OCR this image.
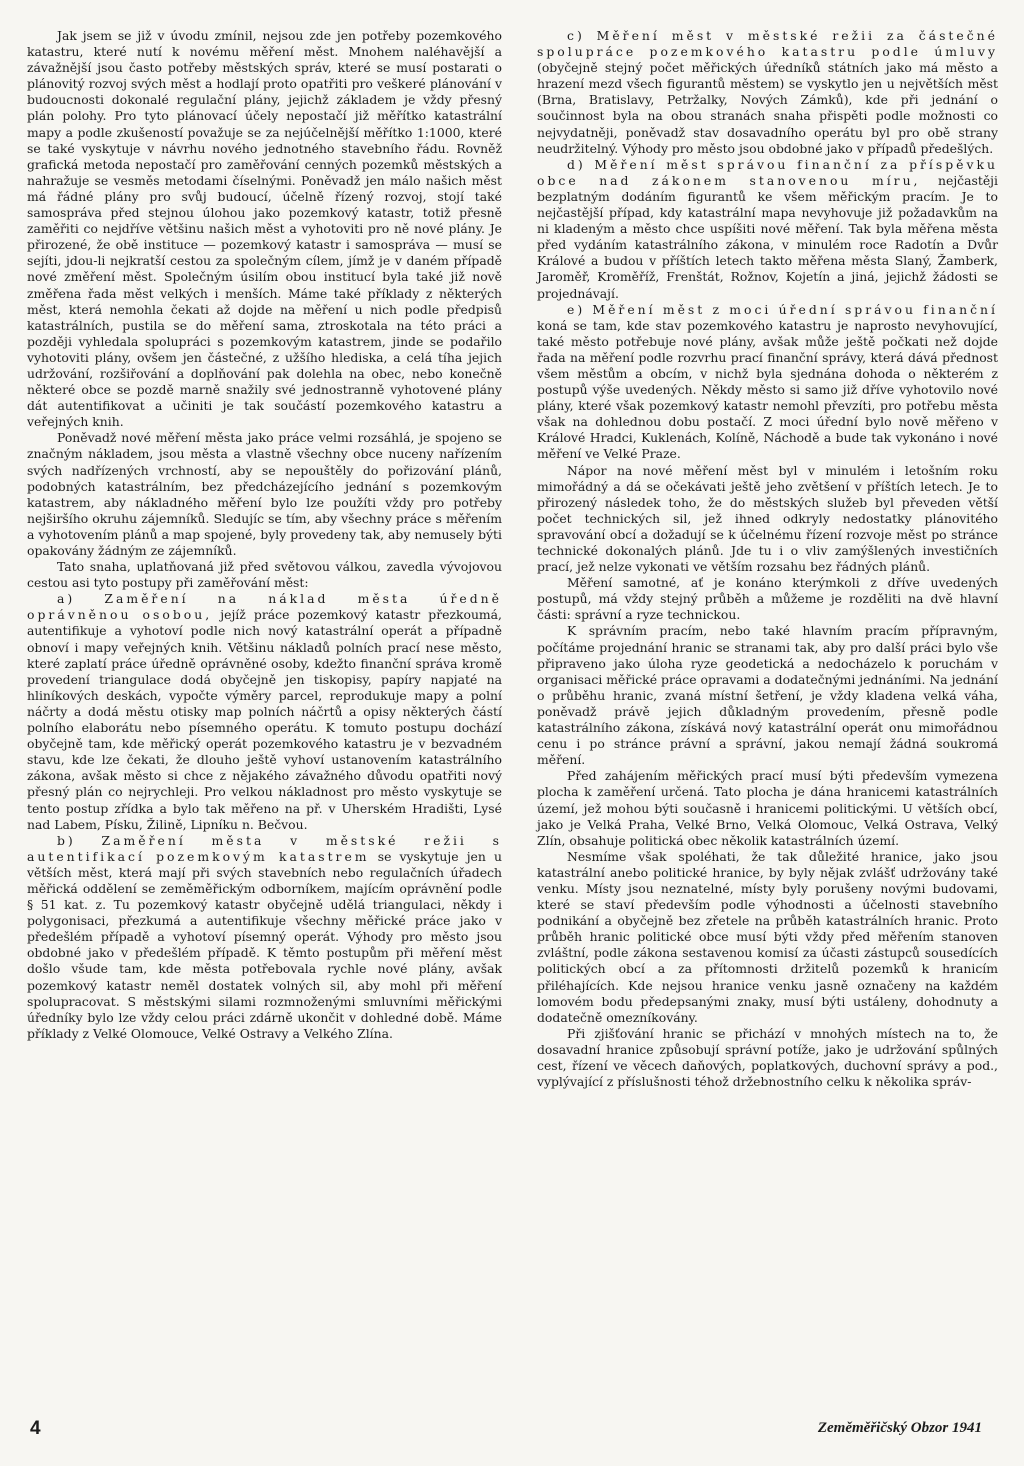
Jak jsem se již v úvodu zmínil, nejsou zde jen potřeby pozemkového katastru, které nutí k novému měření měst. Mnohem naléhavější a závažnější jsou často potřeby městských správ, které se musí postarati o plánovitý rozvoj svých měst a hodlají proto opatřiti pro veškeré plánování v budoucnosti dokonalé regulační plány, jejichž základem je vždy přesný plán polohy. Pro tyto plánovací účely nepostačí již měřítko katastrální mapy a podle zkušeností považuje se za nejúčelnější měřítko 1:1000, které se také vyskytuje v návrhu nového jednotného stavebního řádu. Rovněž grafická metoda nepostačí pro zaměřování cenných pozemků městských a nahražuje se vesměs metodami číselnými. Poněvadž jen málo našich měst má řádné plány pro svůj budoucí, účelně řízený rozvoj, stojí také samospráva před stejnou úlohou jako pozemkový katastr, totiž přesně zaměřiti co nejdříve většinu našich měst a vyhotoviti pro ně nové plány. Je přirozené, že obě instituce — pozemkový katastr i samospráva — musí se sejíti, jdou-li nejkratší cestou za společným cílem, jímž je v daném případě nové změření měst. Společným úsilím obou institucí byla také již nově změřena řada měst velkých i menších. Máme také příklady z některých měst, která nemohla čekati až dojde na měření u nich podle předpisů katastrálních, pustila se do měření sama, ztroskotala na této práci a později vyhledala spolupráci s pozemkovým katastrem, jinde se podařilo vyhotoviti plány, ovšem jen částečné, z užšího hlediska, a celá tíha jejich udržování, rozšiřování a doplňování pak dolehla na obec, nebo konečně některé obce se pozdě marně snažily své jednostranně vyhotovené plány dát autentifikovat a učiniti je tak součástí pozemkového katastru a veřejných knih.

Poněvadž nové měření města jako práce velmi rozsáhlá, je spojeno se značným nákladem, jsou města a vlastně všechny obce nuceny nařízením svých nadřízených vrchností, aby se nepouštěly do pořizování plánů, podobných katastrálním, bez předcházejícího jednání s pozemkovým katastrem, aby nákladného měření bylo lze použíti vždy pro potřeby nejširšího okruhu zájemníků. Sledujíc se tím, aby všechny práce s měřením a vyhotovením plánů a map spojené, byly provedeny tak, aby nemusely býti opakovány žádným ze zájemníků.

Tato snaha, uplatňovaná již před světovou válkou, zavedla vývojovou cestou asi tyto postupy při zaměřování měst:

a) Zaměření na náklad města úředně oprávněnou osobou, jejíž práce pozemkový katastr přezkoumá, autentifikuje a vyhotoví podle nich nový katastrální operát a případně obnoví i mapy veřejných knih. Většinu nákladů polních prací nese město, které zaplatí práce úředně oprávněné osoby, kdežto finanční správa kromě provedení triangulace dodá obyčejně jen tiskopisy, papíry napjaté na hliníkových deskách, vypočte výměry parcel, reprodukuje mapy a polní náčrty a dodá městu otisky map polních náčrtů a opisy některých částí polního elaborátu nebo písemného operátu. K tomuto postupu dochází obyčejně tam, kde měřický operát pozemkového katastru je v bezvadném stavu, kde lze čekati, že dlouho ještě vyhoví ustanovením katastrálního zákona, avšak město si chce z nějakého závažného důvodu opatřiti nový přesný plán co nejrychleji. Pro velkou nákladnost pro město vyskytuje se tento postup zřídka a bylo tak měřeno na př. v Uherském Hradišti, Lysé nad Labem, Písku, Žilině, Lipníku n. Bečvou.

b) Zaměření města v městské režii s autentifikací pozemkovým katastrem se vyskytuje jen u větších měst, která mají při svých stavebních nebo regulačních úřadech měřická oddělení se zeměměřickým odborníkem, majícím oprávnění podle § 51 kat. z. Tu pozemkový katastr obyčejně udělá triangulaci, někdy i polygonisaci, přezkumá a autentifikuje všechny měřické práce jako v předešlém případě a vyhotoví písemný operát. Výhody pro město jsou obdobné jako v předešlém případě. K těmto postupům při měření měst došlo všude tam, kde města potřebovala rychle nové plány, avšak pozemkový katastr neměl dostatek volných sil, aby mohl při měření spolupracovat. S městskými silami rozmnoženými smluvními měřickými úředníky bylo lze vždy celou práci zdárně ukončit v dohledné době. Máme příklady z Velké Olomouce, Velké Ostravy a Velkého Zlína.

c) Měření měst v městské režii za částečné spolupráce pozemkového katastru podle úmluvy (obyčejně stejný počet měřických úředníků státních jako má město a hrazení mezd všech figurantů městem) se vyskytlo jen u největších měst (Brna, Bratislavy, Petržalky, Nových Zámků), kde při jednání o součinnost byla na obou stranách snaha přispěti podle možnosti co nejvydatněji, poněvadž stav dosavadního operátu byl pro obě strany neudržitelný. Výhody pro město jsou obdobné jako v případů předešlých.

d) Měření měst správou finanční za příspěvku obce nad zákonem stanovenou míru, nejčastěji bezplatným dodáním figurantů ke všem měřickým pracím. Je to nejčastější případ, kdy katastrální mapa nevyhovuje již požadavkům na ni kladeným a město chce uspíšiti nové měření. Tak byla měřena města před vydáním katastrálního zákona, v minulém roce Radotín a Dvůr Králové a budou v příštích letech takto měřena města Slaný, Žamberk, Jaroměř, Kroměříž, Frenštát, Rožnov, Kojetín a jiná, jejichž žádosti se projednávají.

e) Měření měst z moci úřední správou finanční koná se tam, kde stav pozemkového katastru je naprosto nevyhovující, také město potřebuje nové plány, avšak může ještě počkati než dojde řada na měření podle rozvrhu prací finanční správy, která dává přednost všem městům a obcím, v nichž byla sjednána dohoda o některém z postupů výše uvedených. Někdy město si samo již dříve vyhotovilo nové plány, které však pozemkový katastr nemohl převzíti, pro potřebu města však na dohlednou dobu postačí. Z moci úřední bylo nově měřeno v Králové Hradci, Kuklenách, Kolíně, Náchodě a bude tak vykonáno i nové měření ve Velké Praze.

Nápor na nové měření měst byl v minulém i letošním roku mimořádný a dá se očekávati ještě jeho zvětšení v příštích letech. Je to přirozený následek toho, že do městských služeb byl převeden větší počet technických sil, jež ihned odkryly nedostatky plánovitého spravování obcí a dožadují se k účelnému řízení rozvoje měst po stránce technické dokonalých plánů. Jde tu i o vliv zamýšlených investičních prací, jež nelze vykonati ve větším rozsahu bez řádných plánů.

Měření samotné, ať je konáno kterýmkoli z dříve uvedených postupů, má vždy stejný průběh a můžeme je rozděliti na dvě hlavní části: správní a ryze technickou.

K správním pracím, nebo také hlavním pracím přípravným, počítáme projednání hranic se stranami tak, aby pro další práci bylo vše připraveno jako úloha ryze geodetická a nedocházelo k poruchám v organisaci měřické práce opravami a dodatečnými jednáními. Na jednání o průběhu hranic, zvaná místní šetření, je vždy kladena velká váha, poněvadž právě jejich důkladným provedením, přesně podle katastrálního zákona, získává nový katastrální operát onu mimořádnou cenu i po stránce právní a správní, jakou nemají žádná soukromá měření.

Před zahájením měřických prací musí býti především vymezena plocha k zaměření určená. Tato plocha je dána hranicemi katastrálních území, jež mohou býti současně i hranicemi politickými. U větších obcí, jako je Velká Praha, Velké Brno, Velká Olomouc, Velká Ostrava, Velký Zlín, obsahuje politická obec několik katastrálních území.

Nesmíme však spoléhati, že tak důležité hranice, jako jsou katastrální anebo politické hranice, by byly nějak zvlášť udržovány také venku. Místy jsou neznatelné, místy byly porušeny novými budovami, které se staví především podle výhodnosti a účelnosti stavebního podnikání a obyčejně bez zřetele na průběh katastrálních hranic. Proto průběh hranic politické obce musí býti vždy před měřením stanoven zvláštní, podle zákona sestavenou komisí za účasti zástupců sousedících politických obcí a za přítomnosti držitelů pozemků k hranicím přiléhajících. Kde nejsou hranice venku jasně označeny na každém lomovém bodu předepsanými znaky, musí býti ustáleny, dohodnuty a dodatečně omezníkovány.

Při zjišťování hranic se přichází v mnohých místech na to, že dosavadní hranice způsobují správní potíže, jako je udržování spůlných cest, řízení ve věcech daňových, poplatkových, duchovní správy a pod., vyplývající z příslušnosti téhož držebnostního celku k několika správ-

4	Zeměměřičský Obzor 1941
